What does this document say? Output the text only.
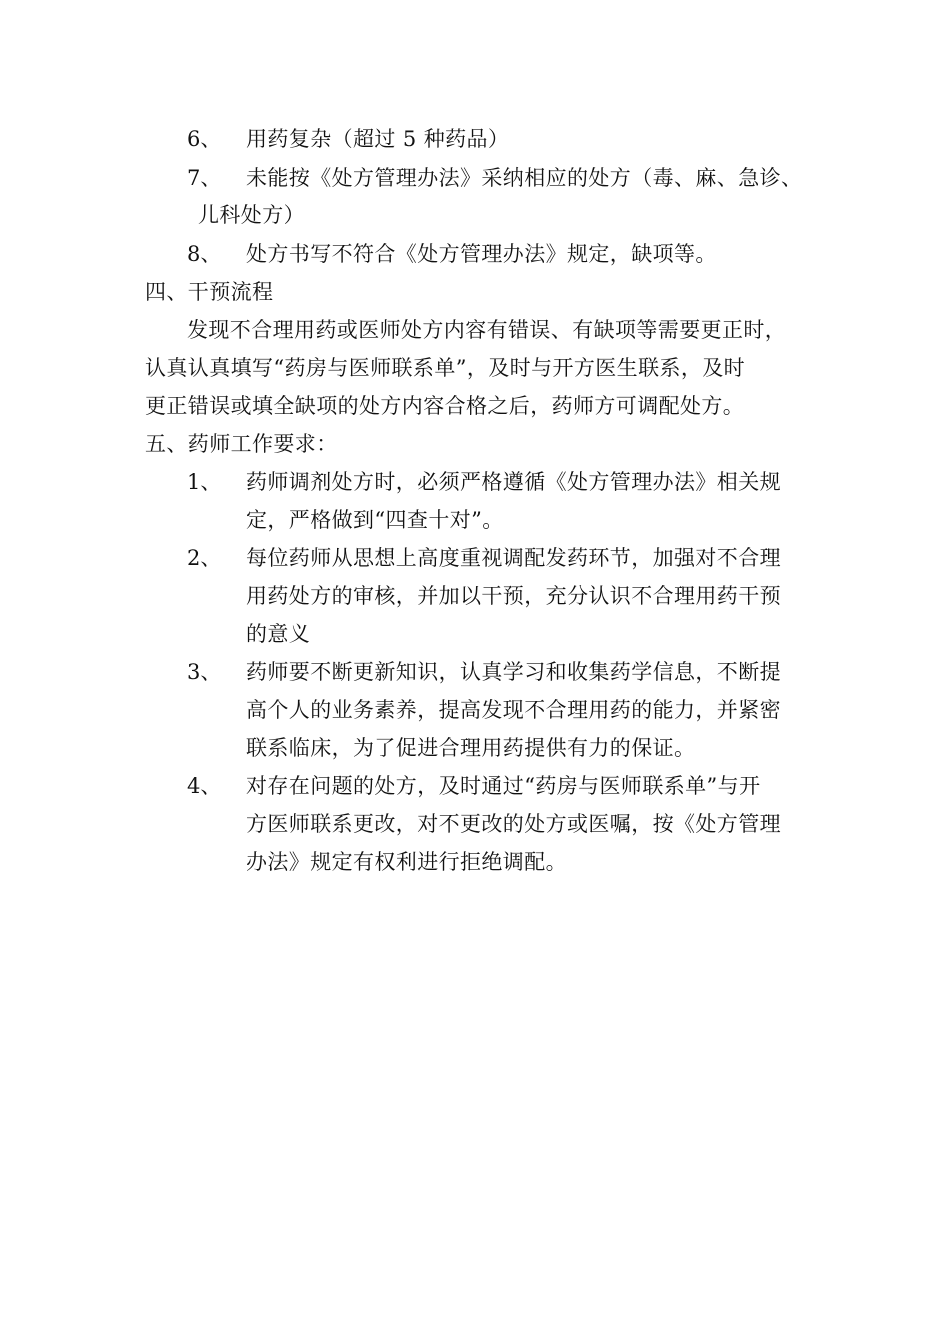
6、 用药复杂（超过 5 种药品）
7、 未能按《处方管理办法》采纳相应的处方（毒、麻、急诊、
儿科处方）
8、 处方书写不符合《处方管理办法》规定，缺项等。
四、干预流程
发现不合理用药或医师处方内容有错误、有缺项等需要更正时，
认真认真填写“药房与医师联系单”，及时与开方医生联系，及时
更正错误或填全缺项的处方内容合格之后，药师方可调配处方。
五、药师工作要求：
1、 药师调剂处方时，必须严格遵循《处方管理办法》相关规
定，严格做到“四查十对”。
2、 每位药师从思想上高度重视调配发药环节，加强对不合理
用药处方的审核，并加以干预，充分认识不合理用药干预
的意义
3、 药师要不断更新知识，认真学习和收集药学信息，不断提
高个人的业务素养，提高发现不合理用药的能力，并紧密
联系临床，为了促进合理用药提供有力的保证。
4、 对存在问题的处方，及时通过“药房与医师联系单”与开
方医师联系更改，对不更改的处方或医嘱，按《处方管理
办法》规定有权利进行拒绝调配。
